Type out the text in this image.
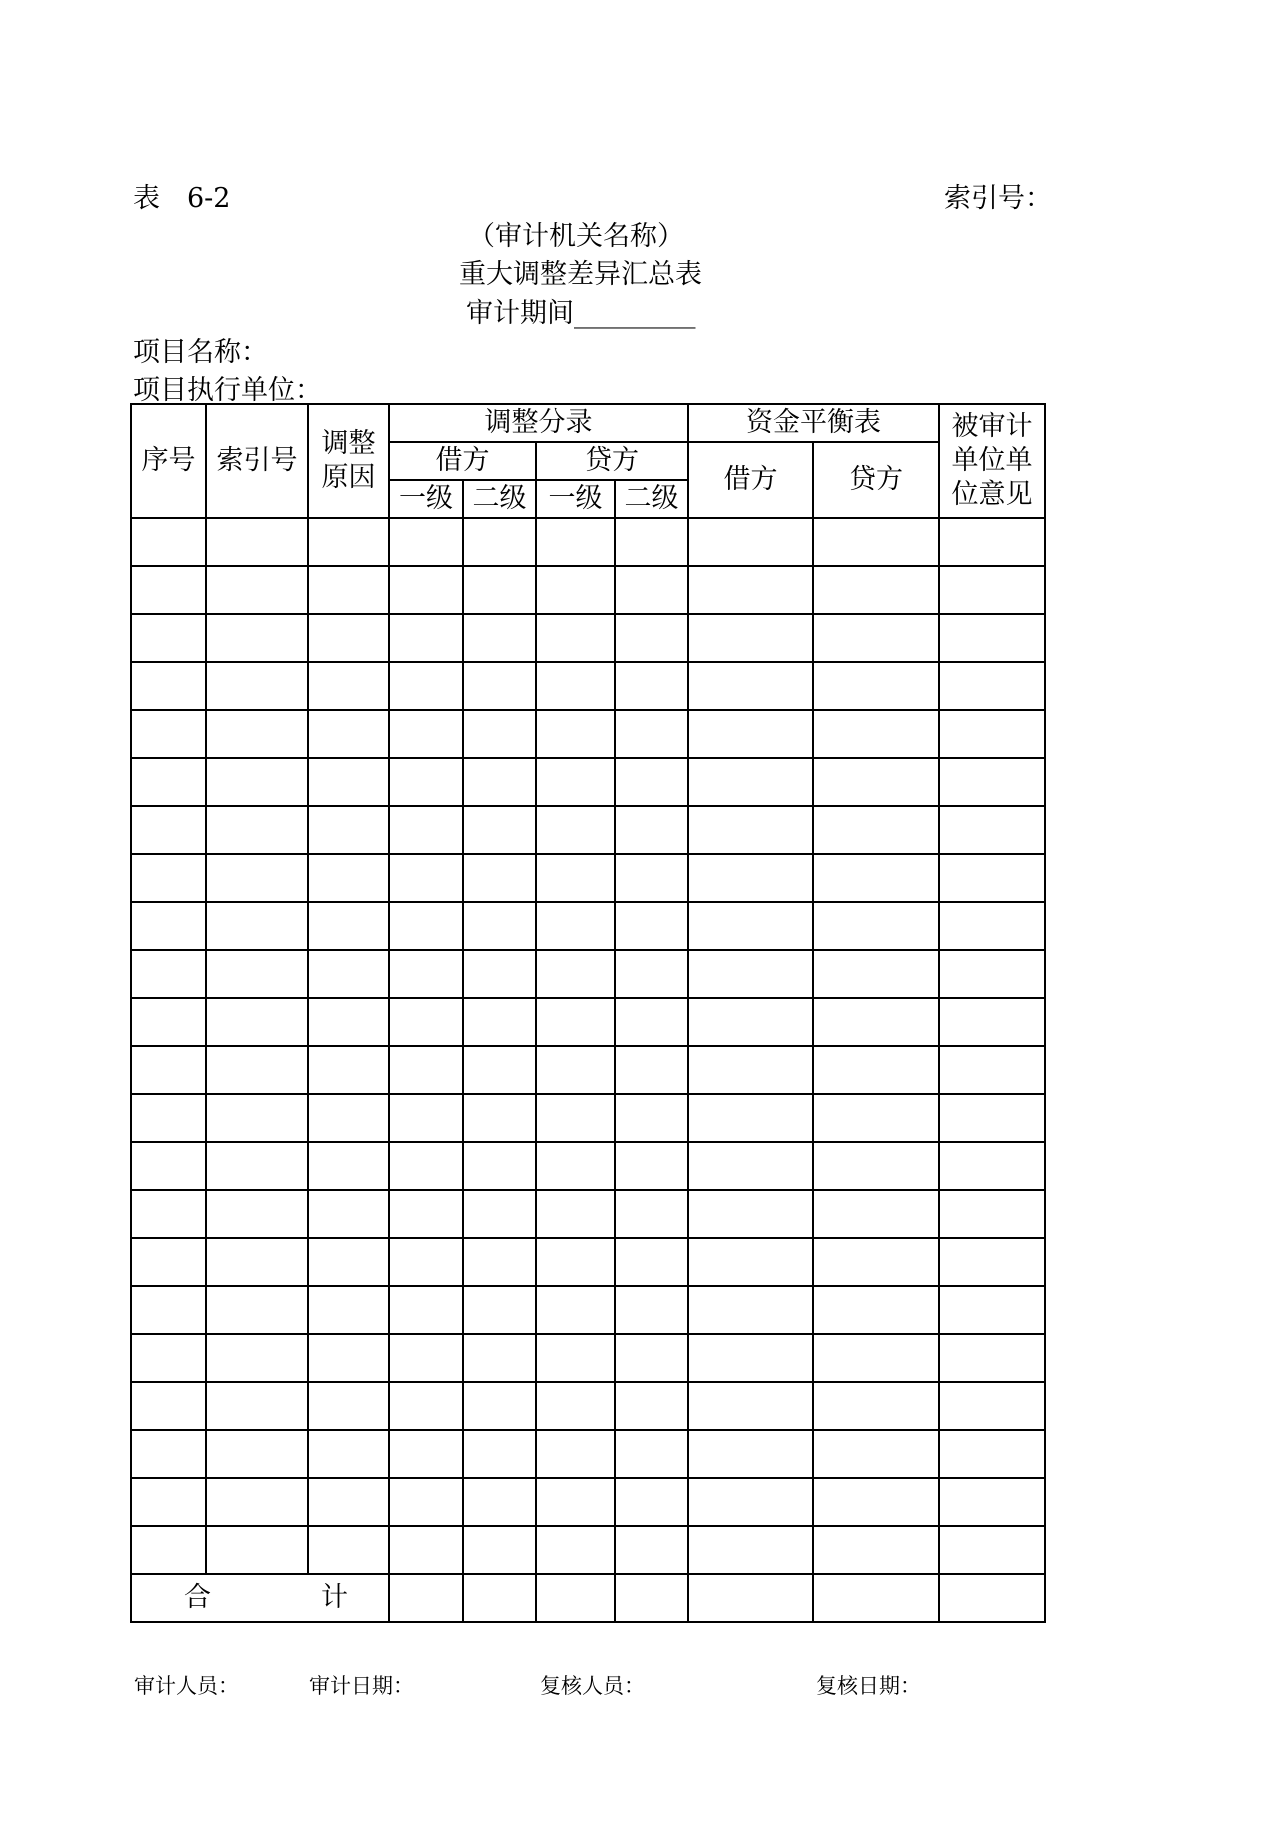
表　6-2	索引号：
（审计机关名称）
重大调整差异汇总表
审计期间_________
项目名称：
项目执行单位：
序号	索引号	调整原因	调整分录				资金平衡表		被审计单位单位意见
			借方		贷方		借方	贷方	
			一级	二级	一级	二级			

合 计									
审计人员：	审计日期：	复核人员：	复核日期：
